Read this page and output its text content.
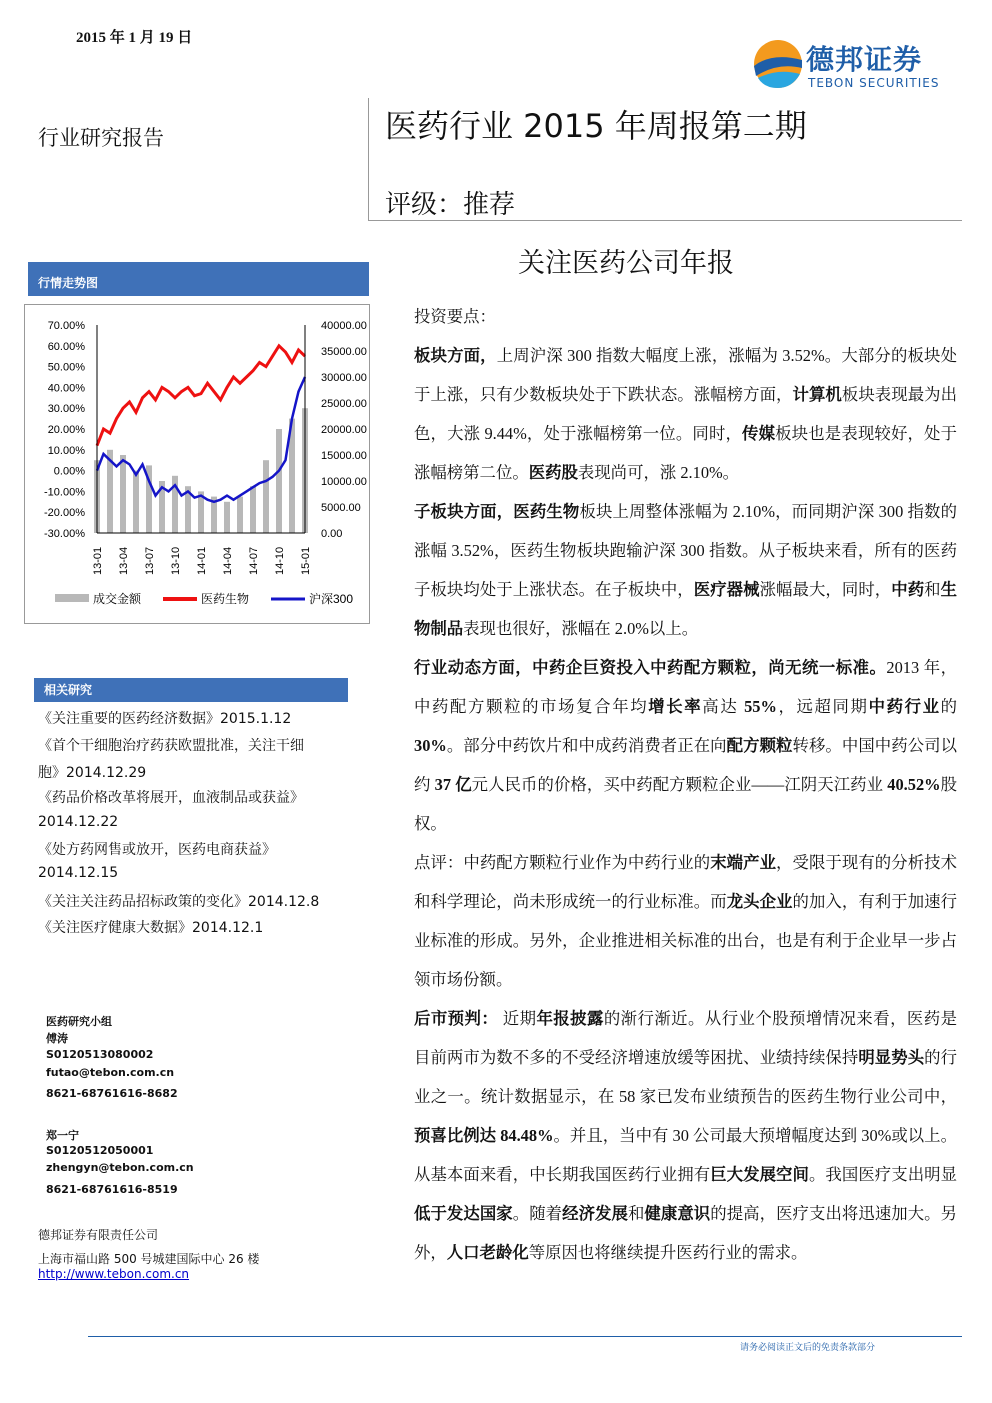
2015 年 1 月 19 日
德邦证券
TEBON SECURITIES
行业研究报告	医药行业 2015 年周报第二期
评级：推荐
关注医药公司年报
行情走势图
70.00%
60.00%
50.00%
40.00%
30.00%
20.00%
10.00%
0.00%
-10.00%
-20.00%
-30.00%
40000.00
35000.00
30000.00
25000.00
20000.00
15000.00
10000.00
5000.00
0.00
13-01 13-04 13-07 13-10 14-01 14-04 14-07 14-10 15-01
成交金额	医药生物	沪深300
相关研究
《关注重要的医药经济数据》2015.1.12
《首个干细胞治疗药获欧盟批准，关注干细
胞》2014.12.29
《药品价格改革将展开，血液制品或获益》
2014.12.22
《处方药网售或放开，医药电商获益》
2014.12.15
《关注关注药品招标政策的变化》2014.12.8
《关注医疗健康大数据》2014.12.1
医药研究小组
傅涛
S0120513080002
futao@tebon.com.cn
8621-68761616-8682
郑一宁
S0120512050001
zhengyn@tebon.com.cn
8621-68761616-8519
德邦证券有限责任公司
上海市福山路 500 号城建国际中心 26 楼
http://www.tebon.com.cn
投资要点：
板块方面，上周沪深 300 指数大幅度上涨，涨幅为 3.52%。大部分的板块处于上涨，只有少数板块处于下跌状态。涨幅榜方面，计算机板块表现最为出色，大涨 9.44%，处于涨幅榜第一位。同时，传媒板块也是表现较好，处于涨幅榜第二位。医药股表现尚可，涨 2.10%。
子板块方面，医药生物板块上周整体涨幅为 2.10%，而同期沪深 300 指数的涨幅 3.52%，医药生物板块跑输沪深 300 指数。从子板块来看，所有的医药子板块均处于上涨状态。在子板块中，医疗器械涨幅最大，同时，中药和生物制品表现也很好，涨幅在 2.0%以上。
行业动态方面，中药企巨资投入中药配方颗粒，尚无统一标准。2013 年，中药配方颗粒的市场复合年均增长率高达 55%，远超同期中药行业的 30%。部分中药饮片和中成药消费者正在向配方颗粒转移。中国中药公司以约 37 亿元人民币的价格，买中药配方颗粒企业——江阴天江药业 40.52%股权。
点评：中药配方颗粒行业作为中药行业的末端产业，受限于现有的分析技术和科学理论，尚未形成统一的行业标准。而龙头企业的加入，有利于加速行业标准的形成。另外，企业推进相关标准的出台，也是有利于企业早一步占领市场份额。
后市预判： 近期年报披露的渐行渐近。从行业个股预增情况来看，医药是目前两市为数不多的不受经济增速放缓等困扰、业绩持续保持明显势头的行业之一。统计数据显示，在 58 家已发布业绩预告的医药生物行业公司中，预喜比例达 84.48%。并且，当中有 30 公司最大预增幅度达到 30%或以上。从基本面来看，中长期我国医药行业拥有巨大发展空间。我国医疗支出明显低于发达国家。随着经济发展和健康意识的提高，医疗支出将迅速加大。另外，人口老龄化等原因也将继续提升医药行业的需求。
请务必阅读正文后的免责条款部分
